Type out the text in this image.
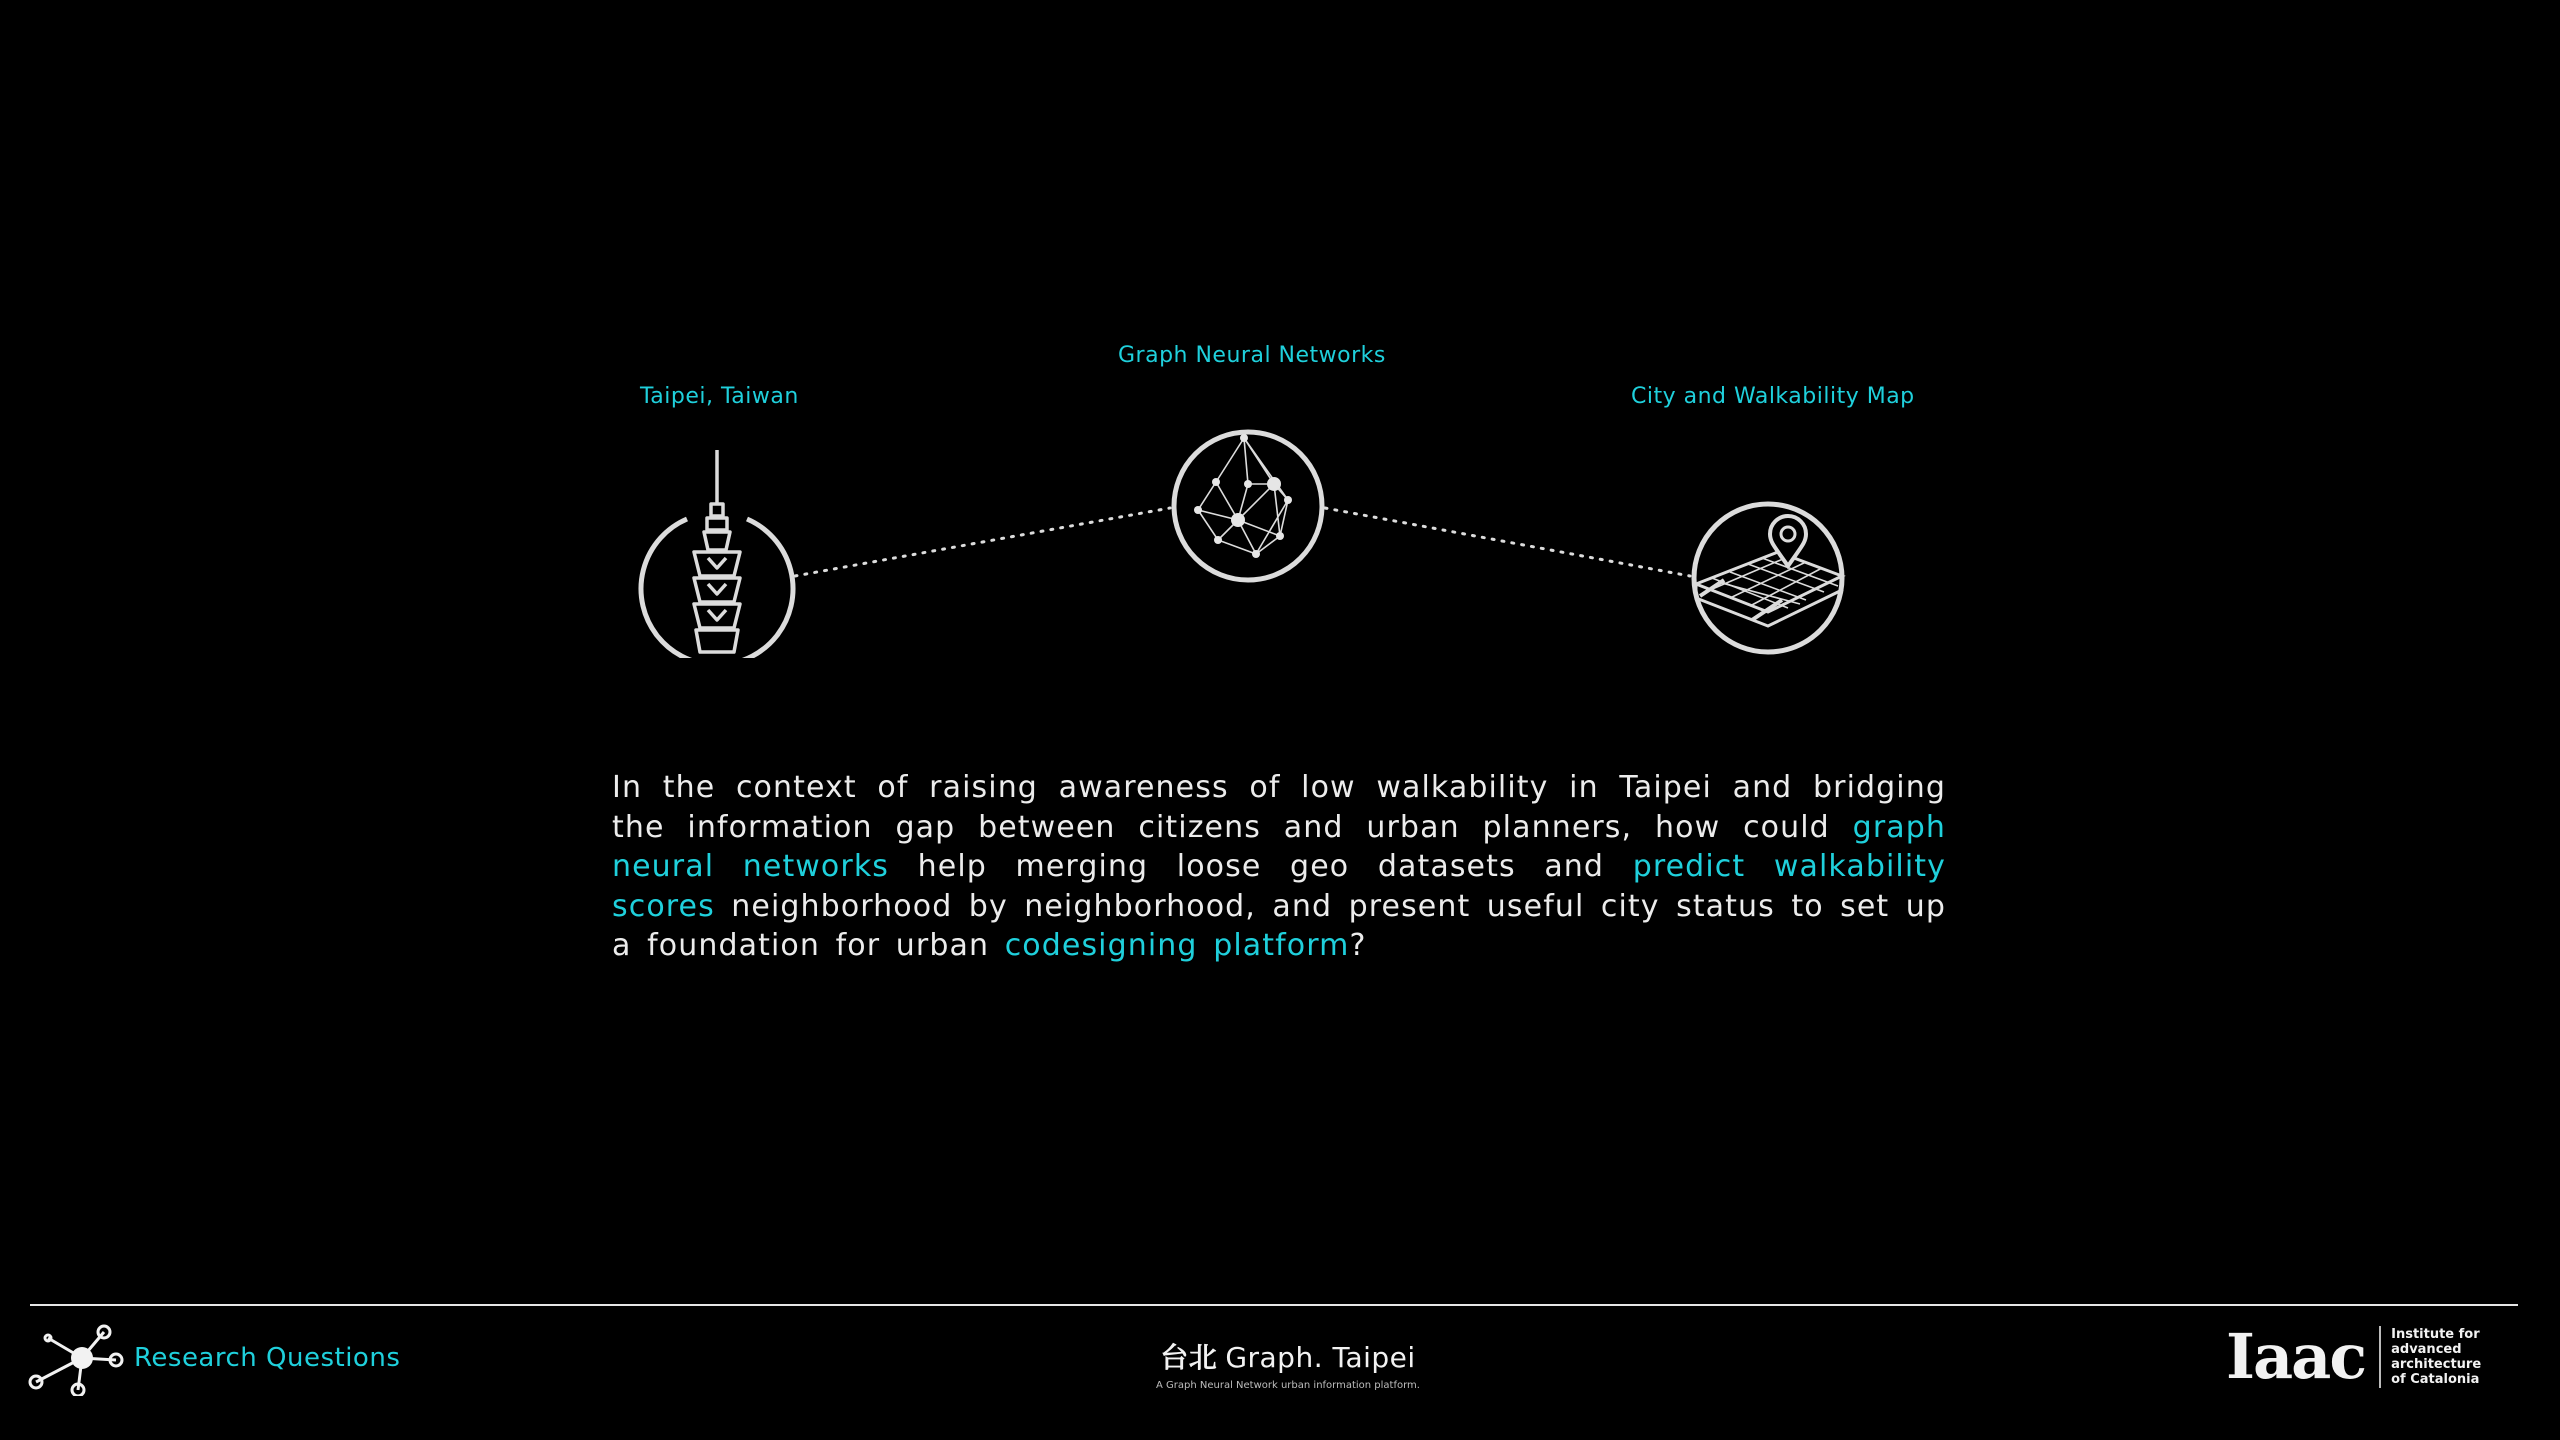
Taipei, Taiwan
Graph Neural Networks
City and Walkability Map
In the context of raising awareness of low walkability in Taipei and bridging the information gap between citizens and urban planners, how could graph neural networks help merging loose geo datasets and predict walkability scores neighborhood by neighborhood, and present useful city status to set up a foundation for urban codesigning platform?
Research Questions	台北 Graph. Taipei
A Graph Neural Network urban information platform.	Iaac Institute for
advanced
architecture
of Catalonia
